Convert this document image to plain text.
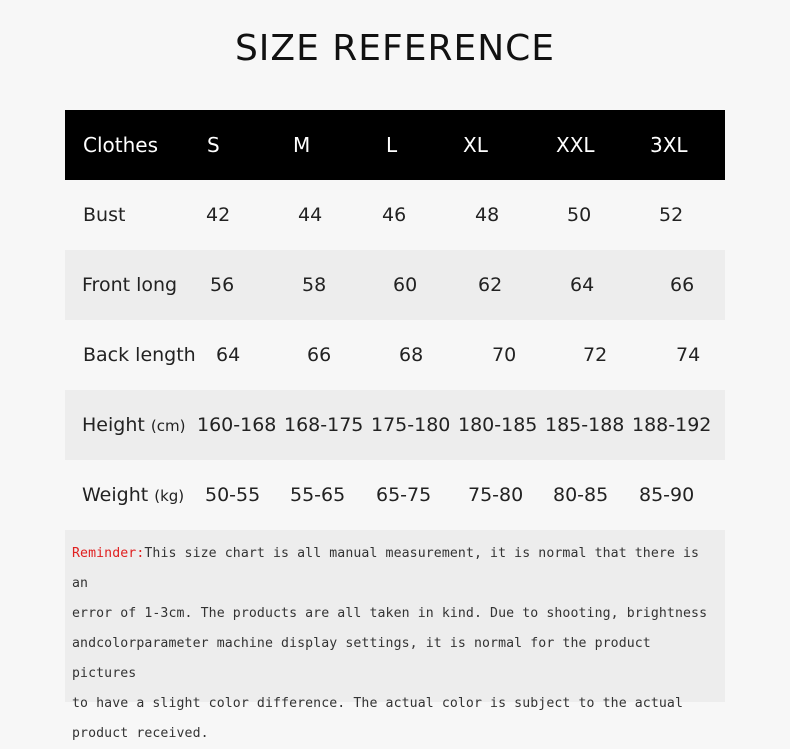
SIZE REFERENCE
Clothes S	M	L	XL	XXL	3XL
Bust	42	44	46	48	50	52
Front long 56	58	60	62	64	66
Back length 64	66	68	70	72	74
Height (cm) 160-168 168-175 175-180 180-185 185-188 188-192
Weight (kg) 50-55 55-65 65-75 75-80 80-85 85-90
Reminder:This size chart is all manual measurement, it is normal that there is an
error of 1-3cm. The products are all taken in kind. Due to shooting, brightness
andcolorparameter machine display settings, it is normal for the product pictures
to have a slight color difference. The actual color is subject to the actual
product received.
